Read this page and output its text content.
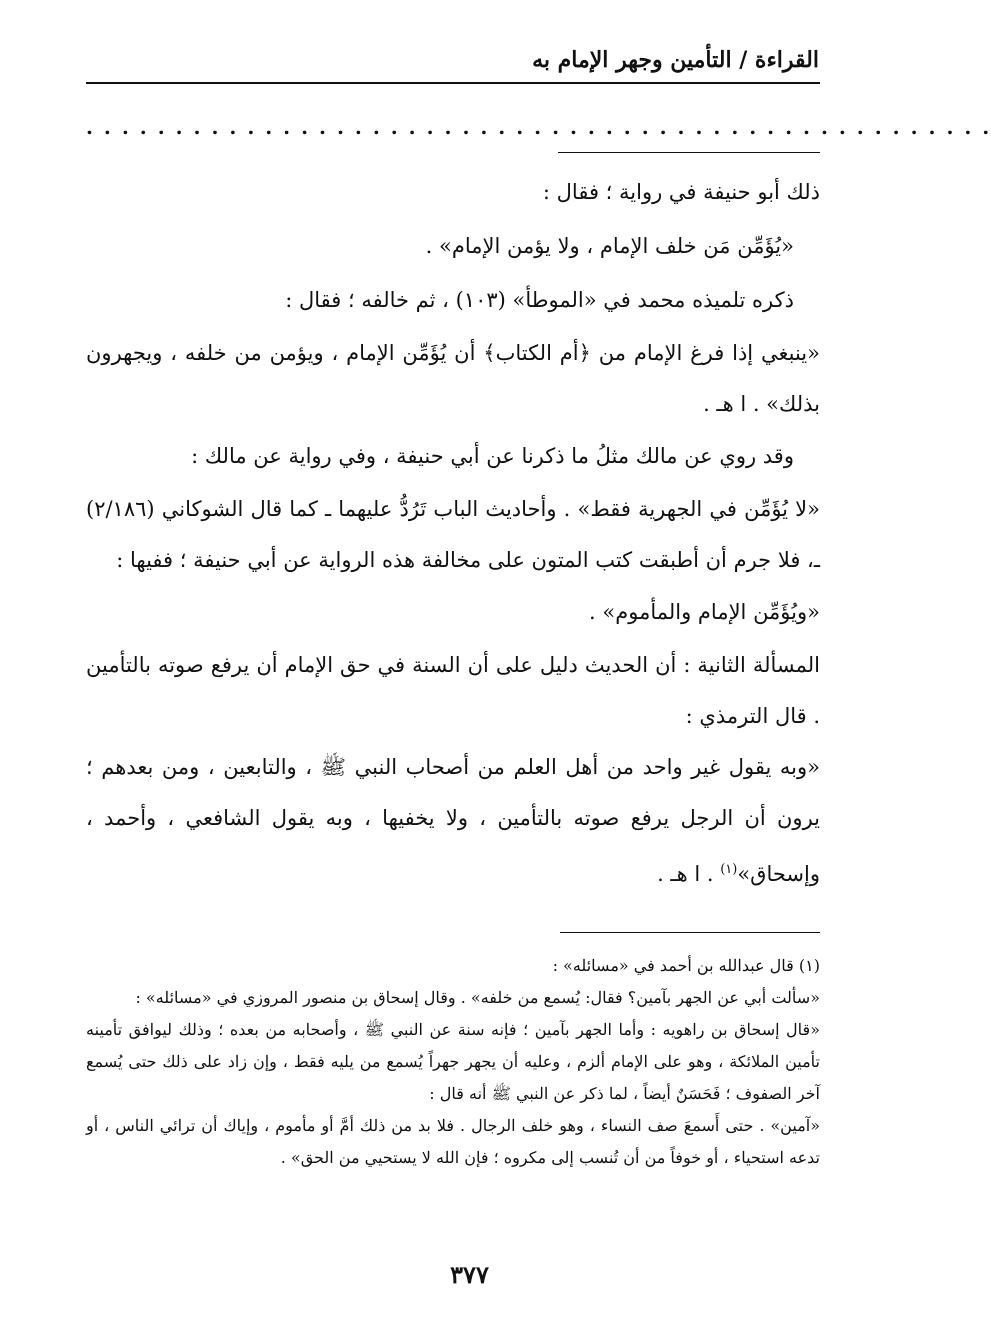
القراءة / التأمين وجهر الإمام به
. . . . . . . . . . . . . . . . . . . . . . . . . . . . . . . . . . . . . . . . . . . . . . . . . . .

ذلك أبو حنيفة في رواية ؛ فقال :

«يُؤَمِّن مَن خلف الإمام ، ولا يؤمن الإمام» .

ذكره تلميذه محمد في «الموطأ» (١٠٣) ، ثم خالفه ؛ فقال :

«ينبغي إذا فرغ الإمام من ﴿أم الكتاب﴾ أن يُؤَمِّن الإمام ، ويؤمن من خلفه ، ويجهرون بذلك» . ا هـ .

وقد روي عن مالك مثلُ ما ذكرنا عن أبي حنيفة ، وفي رواية عن مالك :

«لا يُؤَمِّن في الجهرية فقط» . وأحاديث الباب تَرُدُّ عليهما ـ كما قال الشوكاني (٢/١٨٦) ـ، فلا جرم أن أطبقت كتب المتون على مخالفة هذه الرواية عن أبي حنيفة ؛ ففيها :

«ويُؤَمِّن الإمام والمأموم» .

المسألة الثانية : أن الحديث دليل على أن السنة في حق الإمام أن يرفع صوته بالتأمين . قال الترمذي :

«وبه يقول غير واحد من أهل العلم من أصحاب النبي ﷺ ، والتابعين ، ومن بعدهم ؛ يرون أن الرجل يرفع صوته بالتأمين ، ولا يخفيها ، وبه يقول الشافعي ، وأحمد ، وإسحاق»$^{(١)}$ . ا هـ .

(١) قال عبدالله بن أحمد في «مسائله» :

«سألت أبي عن الجهر بآمين؟ فقال: يُسمع من خلفه» . وقال إسحاق بن منصور المروزي في «مسائله» :

«قال إسحاق بن راهويه : وأما الجهر بآمين ؛ فإنه سنة عن النبي ﷺ ، وأصحابه من بعده ؛ وذلك ليوافق تأمينه تأمين الملائكة ، وهو على الإمام ألزم ، وعليه أن يجهر جهراً يُسمع من يليه فقط ، وإن زاد على ذلك حتى يُسمع آخر الصفوف ؛ فَحَسَنٌ أيضاً ، لما ذكر عن النبي ﷺ أنه قال :

«آمين» . حتى أَسمعَ صف النساء ، وهو خلف الرجال . فلا بد من ذلك أمَّ أو مأموم ، وإياك أن ترائي الناس ، أو تدعه استحياء ، أو خوفاً من أن تُنسب إلى مكروه ؛ فإن الله لا يستحيي من الحق» .

٣٧٧
